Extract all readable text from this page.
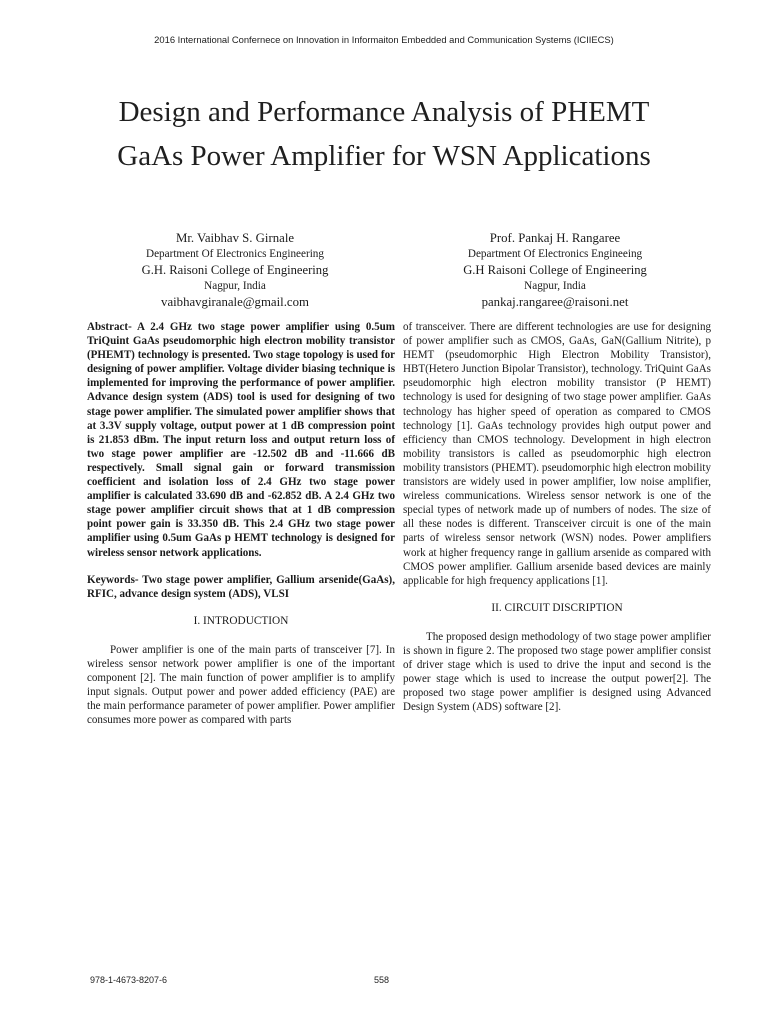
2016 International Confernece on Innovation in Informaiton Embedded and Communication Systems (ICIIECS)
Design and Performance Analysis of PHEMT
GaAs Power Amplifier for WSN Applications
Mr. Vaibhav S. Girnale
Department Of Electronics Engineering
G.H. Raisoni College of Engineering
Nagpur, India
vaibhavgiranale@gmail.com
Prof. Pankaj H. Rangaree
Department Of Electronics Engineeing
G.H Raisoni College of Engineering
Nagpur, India
pankaj.rangaree@raisoni.net

Abstract- A 2.4 GHz two stage power amplifier using 0.5um TriQuint GaAs pseudomorphic high electron mobility transistor (PHEMT) technology is presented. Two stage topology is used for designing of power amplifier. Voltage divider biasing technique is implemented for improving the performance of power amplifier. Advance design system (ADS) tool is used for designing of two stage power amplifier. The simulated power amplifier shows that at 3.3V supply voltage, output power at 1 dB compression point is 21.853 dBm. The input return loss and output return loss of two stage power amplifier are -12.502 dB and -11.666 dB respectively. Small signal gain or forward transmission coefficient and isolation loss of 2.4 GHz two stage power amplifier is calculated 33.690 dB and -62.852 dB. A 2.4 GHz two stage power amplifier circuit shows that at 1 dB compression point power gain is 33.350 dB. This 2.4 GHz two stage power amplifier using 0.5um GaAs p HEMT technology is designed for wireless sensor network applications.

Keywords- Two stage power amplifier, Gallium arsenide(GaAs), RFIC, advance design system (ADS), VLSI

I. INTRODUCTION

Power amplifier is one of the main parts of transceiver [7]. In wireless sensor network power amplifier is one of the important component [2]. The main function of power amplifier is to amplify input signals. Output power and power added efficiency (PAE) are the main performance parameter of power amplifier. Power amplifier consumes more power as compared with parts

of transceiver. There are different technologies are use for designing of power amplifier such as CMOS, GaAs, GaN(Gallium Nitrite), p HEMT (pseudomorphic High Electron Mobility Transistor), HBT(Hetero Junction Bipolar Transistor), technology. TriQuint GaAs pseudomorphic high electron mobility transistor (P HEMT) technology is used for designing of two stage power amplifier. GaAs technology has higher speed of operation as compared to CMOS technology [1]. GaAs technology provides high output power and efficiency than CMOS technology. Development in high electron mobility transistors is called as pseudomorphic high electron mobility transistors (PHEMT). pseudomorphic high electron mobility transistors are widely used in power amplifier, low noise amplifier, wireless communications. Wireless sensor network is one of the special types of network made up of numbers of nodes. The size of all these nodes is different. Transceiver circuit is one of the main parts of wireless sensor network (WSN) nodes. Power amplifiers work at higher frequency range in gallium arsenide as compared with CMOS power amplifier. Gallium arsenide based devices are mainly applicable for high frequency applications [1].

II. CIRCUIT DISCRIPTION

The proposed design methodology of two stage power amplifier is shown in figure 2. The proposed two stage power amplifier consist of driver stage which is used to drive the input and second is the power stage which is used to increase the output power[2]. The proposed two stage power amplifier is designed using Advanced Design System (ADS) software [2].

978-1-4673-8207-6	558
